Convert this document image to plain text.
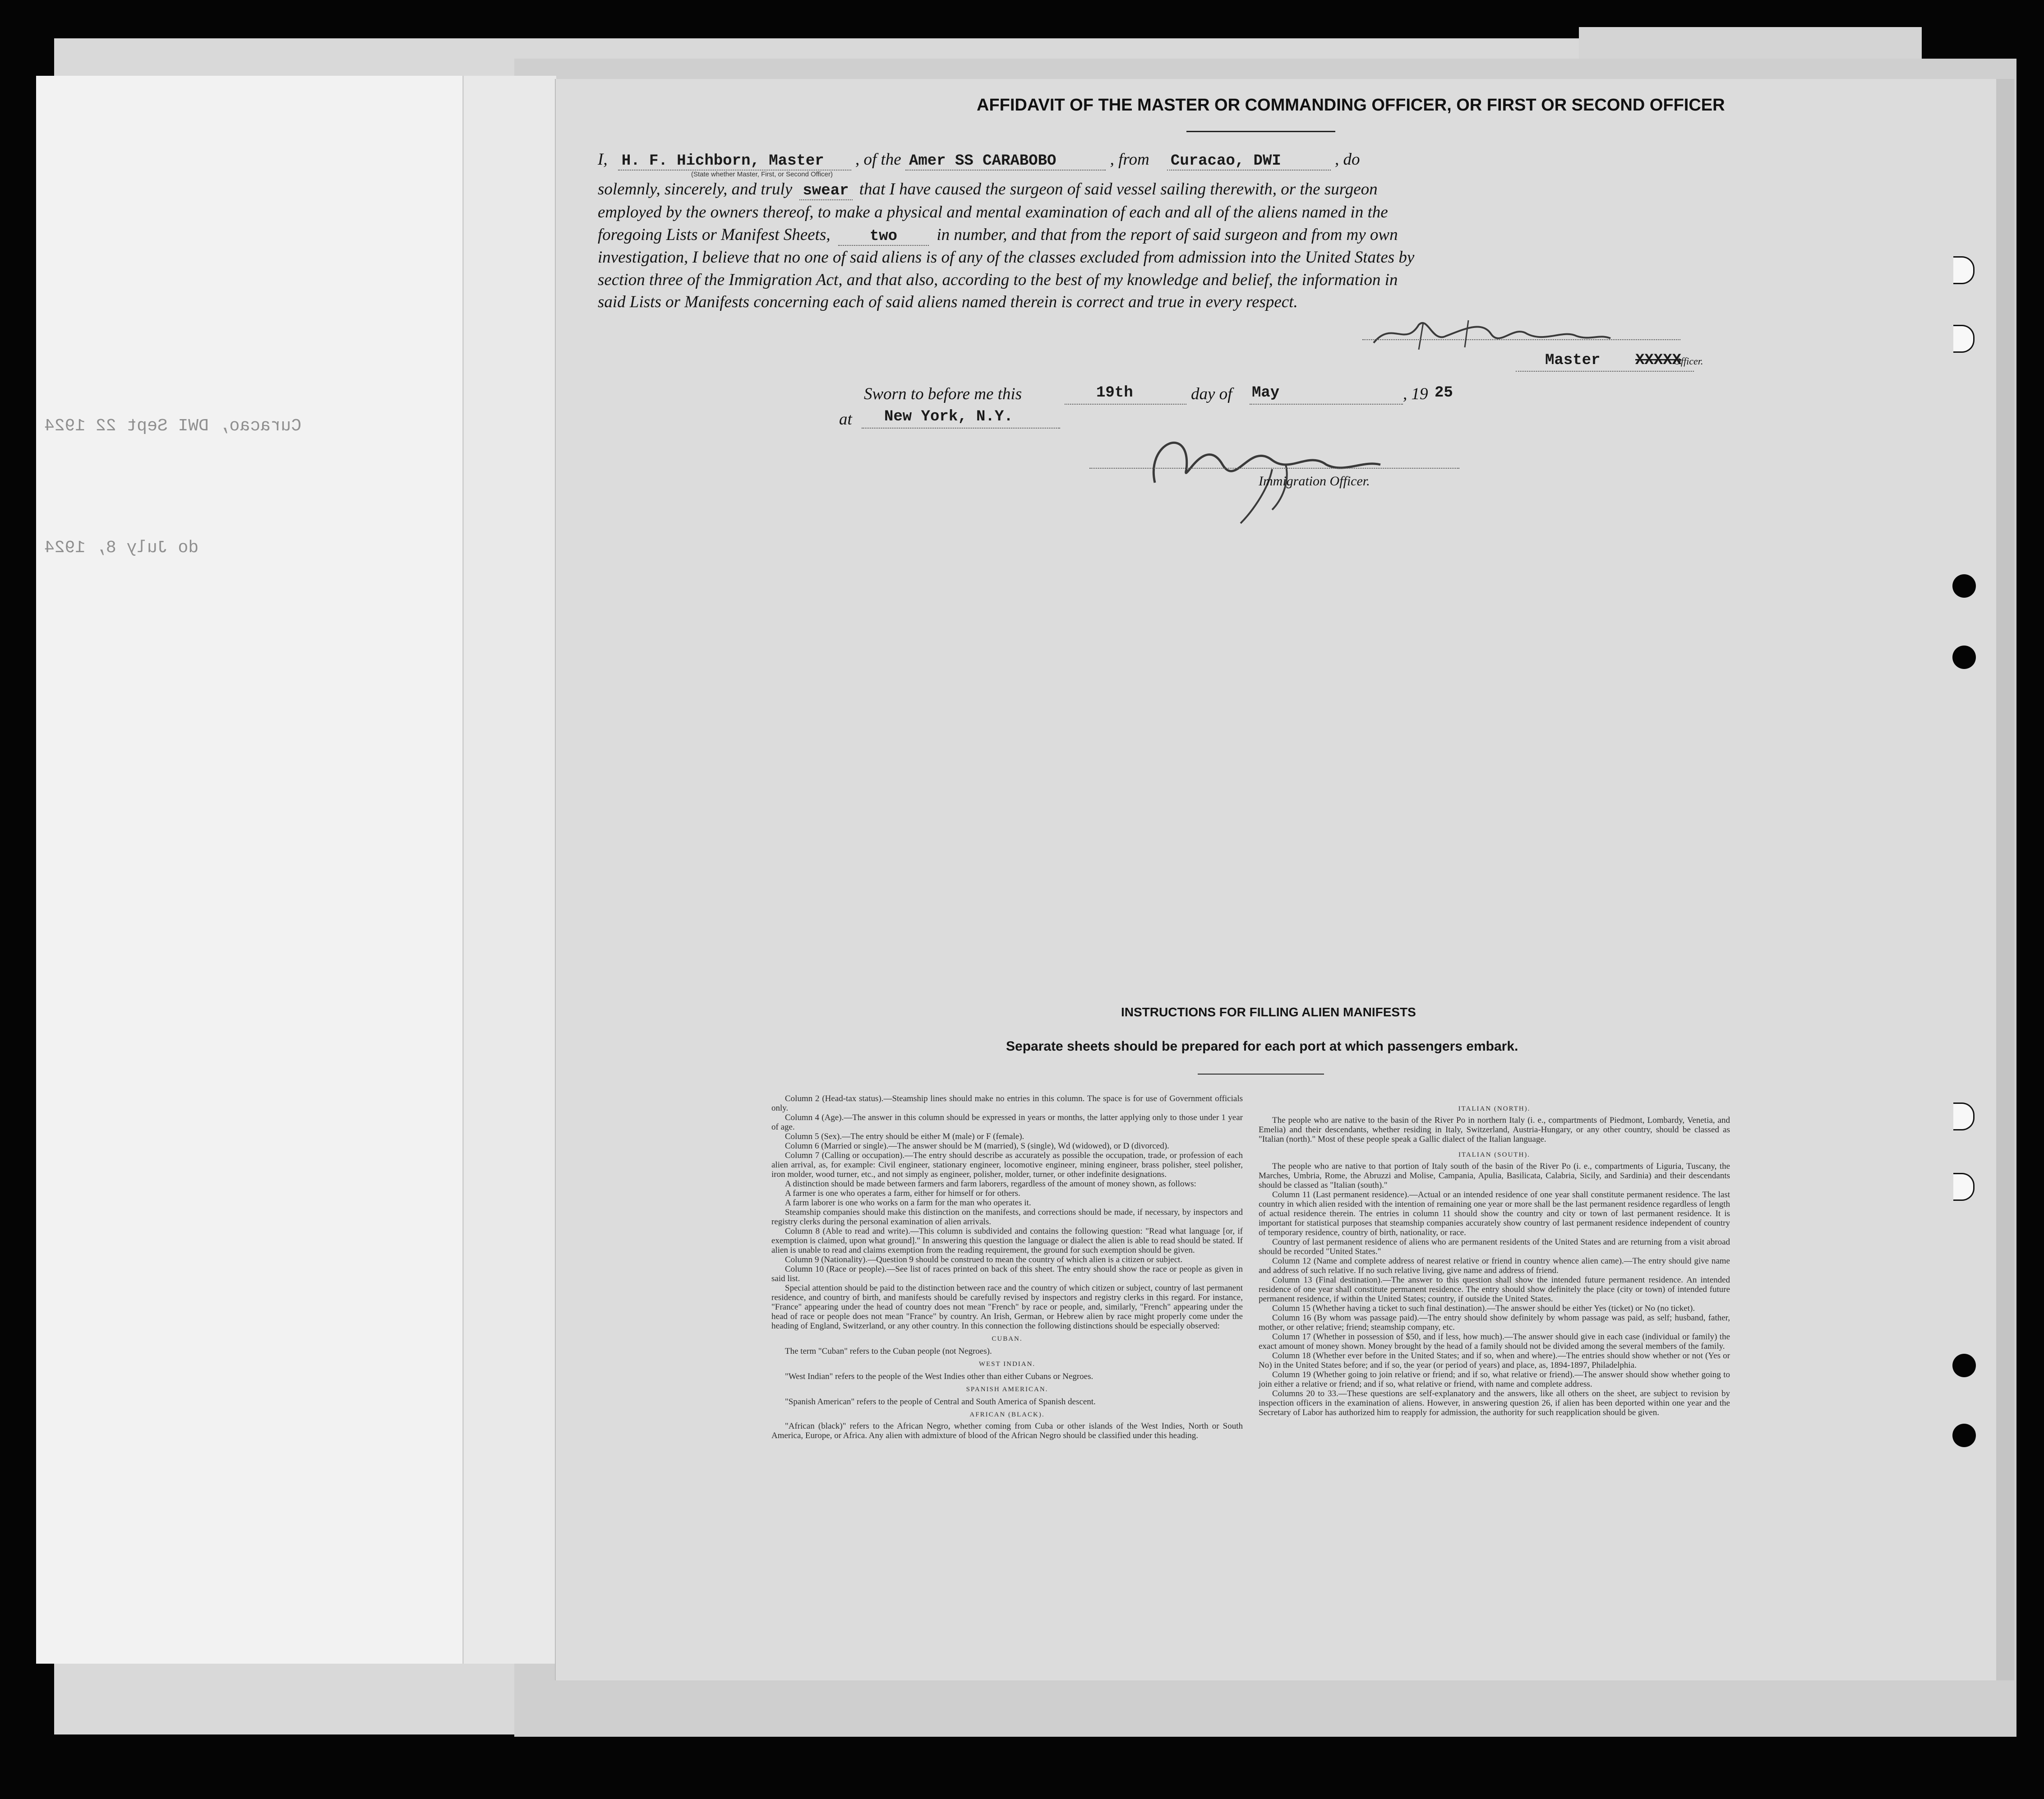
Curacao, DWI Sept 22 1924
do July 8, 1924
AFFIDAVIT OF THE MASTER OR COMMANDING OFFICER, OR FIRST OR SECOND OFFICER
I, H. F. Hichborn, Master , of the Amer SS CARABOBO	, from Curacao, DWI	, do
(State whether Master, First, or Second Officer)
solemnly, sincerely, and truly swear that I have caused the surgeon of said vessel sailing therewith, or the surgeon
employed by the owners thereof, to make a physical and mental examination of each and all of the aliens named in the
foregoing Lists or Manifest Sheets,	two in number, and that from the report of said surgeon and from my own
investigation, I believe that no one of said aliens is of any of the classes excluded from admission into the United States by
section three of the Immigration Act, and that also, according to the best of my knowledge and belief, the information in
said Lists or Manifests concerning each of said aliens named therein is correct and true in every respect.
Master XXXXX
Officer.
Sworn to before me this	19th	day of May	, 19 25
at New York, N.Y.
Immigration Officer.
INSTRUCTIONS FOR FILLING ALIEN MANIFESTS
Separate sheets should be prepared for each port at which passengers embark.

Column 2 (Head-tax status).—Steamship lines should make no entries in this column. The space is for use of Government officials only.

Column 4 (Age).—The answer in this column should be expressed in years or months, the latter applying only to those under 1 year of age.

Column 5 (Sex).—The entry should be either M (male) or F (female).

Column 6 (Married or single).—The answer should be M (married), S (single), Wd (widowed), or D (divorced).

Column 7 (Calling or occupation).—The entry should describe as accurately as possible the occupation, trade, or profession of each alien arrival, as, for example: Civil engineer, stationary engineer, locomotive engineer, mining engineer, brass polisher, steel polisher, iron molder, wood turner, etc., and not simply as engineer, polisher, molder, turner, or other indefinite designations.

A distinction should be made between farmers and farm laborers, regardless of the amount of money shown, as follows:

A farmer is one who operates a farm, either for himself or for others.

A farm laborer is one who works on a farm for the man who operates it.

Steamship companies should make this distinction on the manifests, and corrections should be made, if necessary, by inspectors and registry clerks during the personal examination of alien arrivals.

Column 8 (Able to read and write).—This column is subdivided and contains the following question: "Read what language [or, if exemption is claimed, upon what ground]." In answering this question the language or dialect the alien is able to read should be stated. If alien is unable to read and claims exemption from the reading requirement, the ground for such exemption should be given.

Column 9 (Nationality).—Question 9 should be construed to mean the country of which alien is a citizen or subject.

Column 10 (Race or people).—See list of races printed on back of this sheet. The entry should show the race or people as given in said list.

Special attention should be paid to the distinction between race and the country of which citizen or subject, country of last permanent residence, and country of birth, and manifests should be carefully revised by inspectors and registry clerks in this regard. For instance, "France" appearing under the head of country does not mean "French" by race or people, and, similarly, "French" appearing under the head of race or people does not mean "France" by country. An Irish, German, or Hebrew alien by race might properly come under the heading of England, Switzerland, or any other country. In this connection the following distinctions should be especially observed:

CUBAN.

The term "Cuban" refers to the Cuban people (not Negroes).

WEST INDIAN.

"West Indian" refers to the people of the West Indies other than either Cubans or Negroes.

SPANISH AMERICAN.

"Spanish American" refers to the people of Central and South America of Spanish descent.

AFRICAN (BLACK).

"African (black)" refers to the African Negro, whether coming from Cuba or other islands of the West Indies, North or South America, Europe, or Africa. Any alien with admixture of blood of the African Negro should be classified under this heading.

ITALIAN (NORTH).

The people who are native to the basin of the River Po in northern Italy (i. e., compartments of Piedmont, Lombardy, Venetia, and Emelia) and their descendants, whether residing in Italy, Switzerland, Austria-Hungary, or any other country, should be classed as "Italian (north)." Most of these people speak a Gallic dialect of the Italian language.

ITALIAN (SOUTH).

The people who are native to that portion of Italy south of the basin of the River Po (i. e., compartments of Liguria, Tuscany, the Marches, Umbria, Rome, the Abruzzi and Molise, Campania, Apulia, Basilicata, Calabria, Sicily, and Sardinia) and their descendants should be classed as "Italian (south)."

Column 11 (Last permanent residence).—Actual or an intended residence of one year shall constitute permanent residence. The last country in which alien resided with the intention of remaining one year or more shall be the last permanent residence regardless of length of actual residence therein. The entries in column 11 should show the country and city or town of last permanent residence. It is important for statistical purposes that steamship companies accurately show country of last permanent residence independent of country of temporary residence, country of birth, nationality, or race.

Country of last permanent residence of aliens who are permanent residents of the United States and are returning from a visit abroad should be recorded "United States."

Column 12 (Name and complete address of nearest relative or friend in country whence alien came).—The entry should give name and address of such relative. If no such relative living, give name and address of friend.

Column 13 (Final destination).—The answer to this question shall show the intended future permanent residence. An intended residence of one year shall constitute permanent residence. The entry should show definitely the place (city or town) of intended future permanent residence, if within the United States; country, if outside the United States.

Column 15 (Whether having a ticket to such final destination).—The answer should be either Yes (ticket) or No (no ticket).

Column 16 (By whom was passage paid).—The entry should show definitely by whom passage was paid, as self; husband, father, mother, or other relative; friend; steamship company, etc.

Column 17 (Whether in possession of $50, and if less, how much).—The answer should give in each case (individual or family) the exact amount of money shown. Money brought by the head of a family should not be divided among the several members of the family.

Column 18 (Whether ever before in the United States; and if so, when and where).—The entries should show whether or not (Yes or No) in the United States before; and if so, the year (or period of years) and place, as, 1894-1897, Philadelphia.

Column 19 (Whether going to join relative or friend; and if so, what relative or friend).—The answer should show whether going to join either a relative or friend; and if so, what relative or friend, with name and complete address.

Columns 20 to 33.—These questions are self-explanatory and the answers, like all others on the sheet, are subject to revision by inspection officers in the examination of aliens. However, in answering question 26, if alien has been deported within one year and the Secretary of Labor has authorized him to reapply for admission, the authority for such reapplication should be given.
